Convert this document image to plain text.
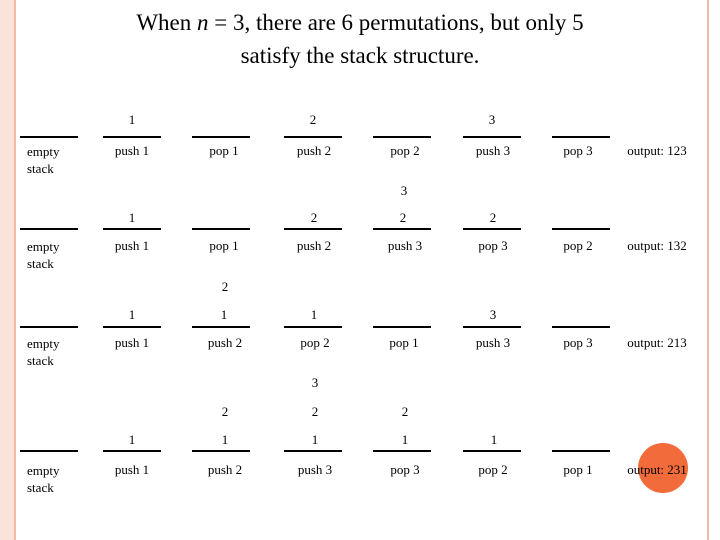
When n = 3, there are 6 permutations, but only 5
satisfy the stack structure.
1	2	3
empty
stack
push 1	pop 1	push 2	pop 2	push 3	pop 3	output: 123
3
1	2	2	2
empty
stack
push 1	pop 1	push 2	push 3	pop 3	pop 2	output: 132
2
1	1	1	3
empty
stack
push 1	push 2	pop 2	pop 1	push 3	pop 3	output: 213
3
2	2	2
1	1	1	1	1
empty
stack
push 1	push 2	push 3	pop 3	pop 2	pop 1	output: 231
